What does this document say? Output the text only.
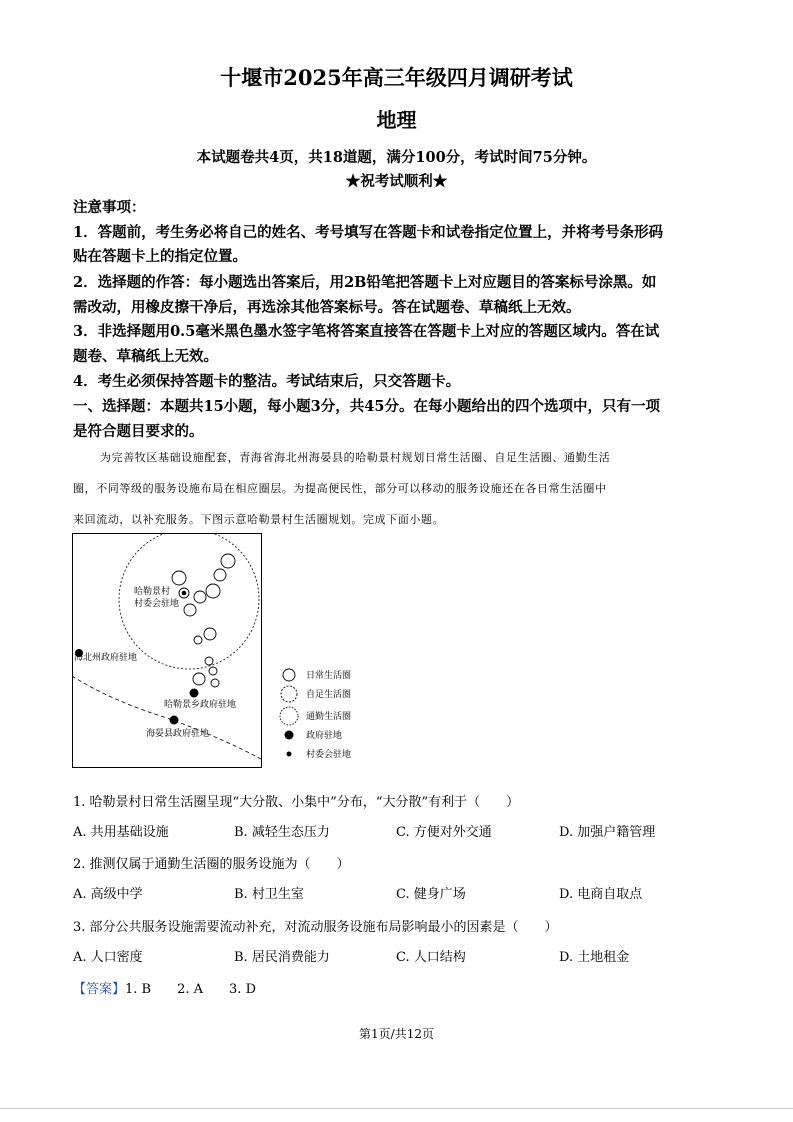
十堰市2025年高三年级四月调研考试
地理
本试题卷共4页，共18道题，满分100分，考试时间75分钟。
★祝考试顺利★
注意事项：
1．答题前，考生务必将自己的姓名、考号填写在答题卡和试卷指定位置上，并将考号条形码
贴在答题卡上的指定位置。
2．选择题的作答：每小题选出答案后，用2B铅笔把答题卡上对应题目的答案标号涂黑。如
需改动，用橡皮擦干净后，再选涂其他答案标号。答在试题卷、草稿纸上无效。
3．非选择题用0.5毫米黑色墨水签字笔将答案直接答在答题卡上对应的答题区域内。答在试
题卷、草稿纸上无效。
4．考生必须保持答题卡的整洁。考试结束后，只交答题卡。
一、选择题：本题共15小题，每小题3分，共45分。在每小题给出的四个选项中，只有一项
是符合题目要求的。
为完善牧区基础设施配套，青海省海北州海晏县的哈勒景村规划日常生活圈、自足生活圈、通勤生活
圈，不同等级的服务设施布局在相应圈层。为提高便民性，部分可以移动的服务设施还在各日常生活圈中
来回流动，以补充服务。下图示意哈勒景村生活圈规划。完成下面小题。
哈勒景村
村委会驻地
海北州政府驻地
哈勒景乡政府驻地
海晏县政府驻地
日常生活圈
自足生活圈
通勤生活圈
政府驻地
村委会驻地
1. 哈勒景村日常生活圈呈现“大分散、小集中”分布，“大分散”有利于（　　）
A. 共用基础设施	B. 减轻生态压力	C. 方便对外交通	D. 加强户籍管理
2. 推测仅属于通勤生活圈的服务设施为（　　）
A. 高级中学	B. 村卫生室	C. 健身广场	D. 电商自取点
3. 部分公共服务设施需要流动补充，对流动服务设施布局影响最小的因素是（　　）
A. 人口密度	B. 居民消费能力	C. 人口结构	D. 土地租金
【答案】1. B　　2. A　　3. D
第1页/共12页
